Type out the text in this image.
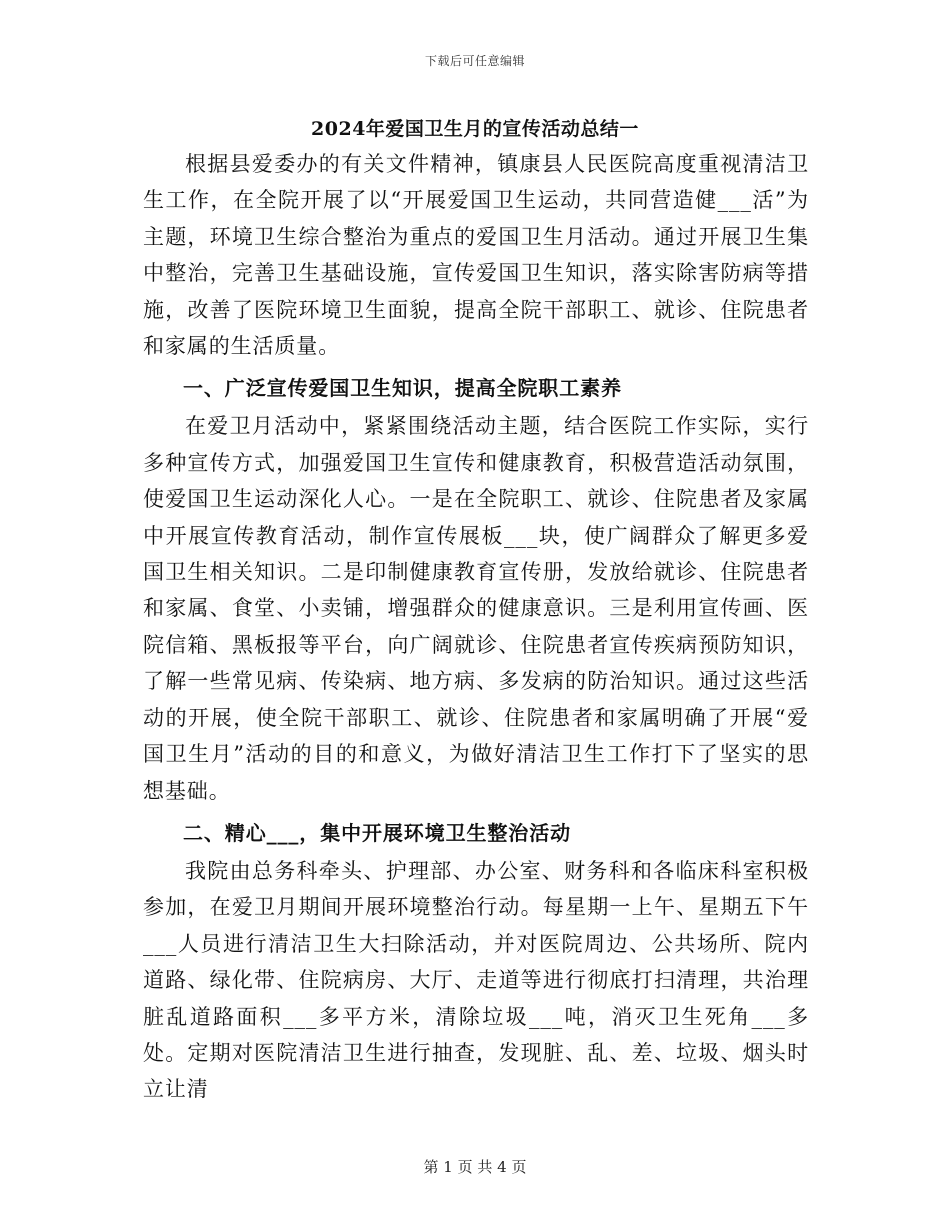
下载后可任意编辑
2024年爱国卫生月的宣传活动总结一

根据县爱委办的有关文件精神，镇康县人民医院高度重视清洁卫生工作，在全院开展了以“开展爱国卫生运动，共同营造健___活”为主题，环境卫生综合整治为重点的爱国卫生月活动。通过开展卫生集中整治，完善卫生基础设施，宣传爱国卫生知识，落实除害防病等措施，改善了医院环境卫生面貌，提高全院干部职工、就诊、住院患者和家属的生活质量。

一、广泛宣传爱国卫生知识，提高全院职工素养

在爱卫月活动中，紧紧围绕活动主题，结合医院工作实际，实行多种宣传方式，加强爱国卫生宣传和健康教育，积极营造活动氛围，使爱国卫生运动深化人心。一是在全院职工、就诊、住院患者及家属中开展宣传教育活动，制作宣传展板___块，使广阔群众了解更多爱国卫生相关知识。二是印制健康教育宣传册，发放给就诊、住院患者和家属、食堂、小卖铺，增强群众的健康意识。三是利用宣传画、医院信箱、黑板报等平台，向广阔就诊、住院患者宣传疾病预防知识，了解一些常见病、传染病、地方病、多发病的防治知识。通过这些活动的开展，使全院干部职工、就诊、住院患者和家属明确了开展“爱国卫生月”活动的目的和意义，为做好清洁卫生工作打下了坚实的思想基础。

二、精心___，集中开展环境卫生整治活动

我院由总务科牵头、护理部、办公室、财务科和各临床科室积极参加，在爱卫月期间开展环境整治行动。每星期一上午、星期五下午___人员进行清洁卫生大扫除活动，并对医院周边、公共场所、院内道路、绿化带、住院病房、大厅、走道等进行彻底打扫清理，共治理脏乱道路面积___多平方米，清除垃圾___吨，消灭卫生死角___多处。定期对医院清洁卫生进行抽查，发现脏、乱、差、垃圾、烟头时立让清

第 1 页 共 4 页
